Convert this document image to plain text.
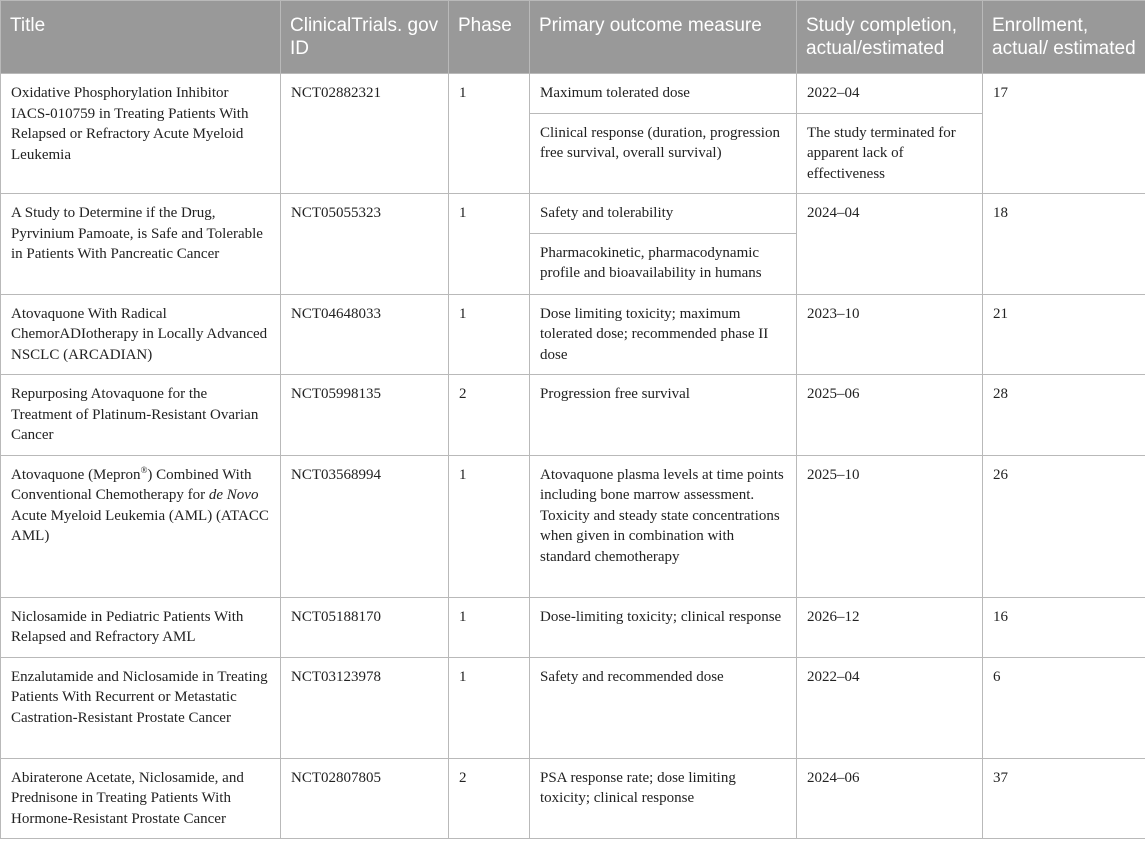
Title	ClinicalTrials. gov ID	Phase	Primary outcome measure	Study completion, actual/estimated	Enrollment, actual/ estimated
Oxidative Phosphorylation Inhibitor IACS-010759 in Treating Patients With Relapsed or Refractory Acute Myeloid Leukemia	NCT02882321	1	Maximum tolerated dose	2022–04	17
			Clinical response (duration, progression free survival, overall survival)	The study terminated for apparent lack of effectiveness	
A Study to Determine if the Drug, Pyrvinium Pamoate, is Safe and Tolerable in Patients With Pancreatic Cancer	NCT05055323	1	Safety and tolerability	2024–04	18
			Pharmacokinetic, pharmacodynamic profile and bioavailability in humans		
Atovaquone With Radical ChemorADIotherapy in Locally Advanced NSCLC (ARCADIAN)	NCT04648033	1	Dose limiting toxicity; maximum tolerated dose; recommended phase II dose	2023–10	21
Repurposing Atovaquone for the Treatment of Platinum-Resistant Ovarian Cancer	NCT05998135	2	Progression free survival	2025–06	28
Atovaquone (Mepron®) Combined With Conventional Chemotherapy for de Novo Acute Myeloid Leukemia (AML) (ATACC AML)	NCT03568994	1	Atovaquone plasma levels at time points including bone marrow assessment. Toxicity and steady state concentrations when given in combination with standard chemotherapy	2025–10	26
Niclosamide in Pediatric Patients With Relapsed and Refractory AML	NCT05188170	1	Dose-limiting toxicity; clinical response	2026–12	16
Enzalutamide and Niclosamide in Treating Patients With Recurrent or Metastatic Castration-Resistant Prostate Cancer	NCT03123978	1	Safety and recommended dose	2022–04	6
Abiraterone Acetate, Niclosamide, and Prednisone in Treating Patients With Hormone-Resistant Prostate Cancer	NCT02807805	2	PSA response rate; dose limiting toxicity; clinical response	2024–06	37
